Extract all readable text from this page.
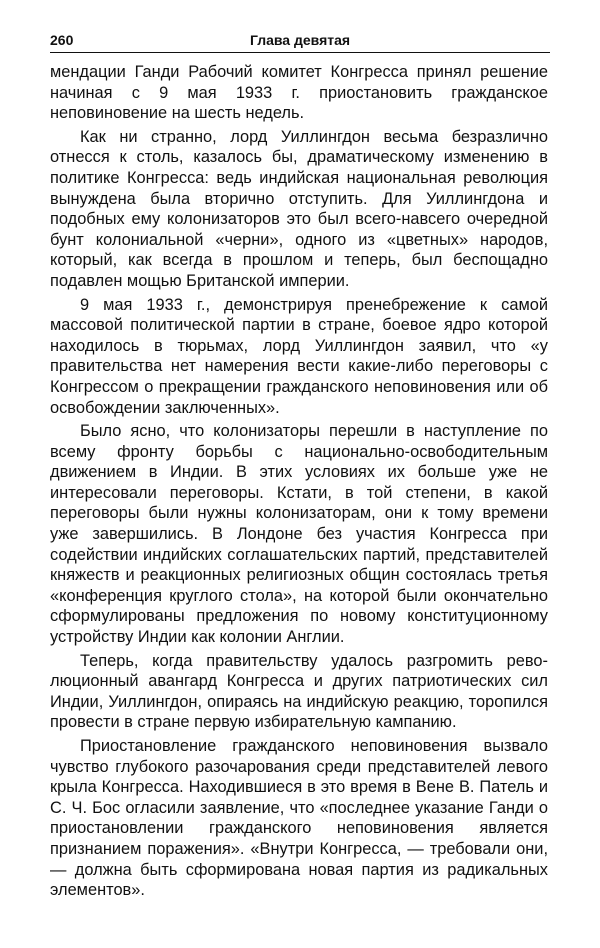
260	Глава девятая

мендации Ганди Рабочий комитет Конгресса принял решение начиная с 9 мая 1933 г. приостановить гражданское неповиновение на шесть недель.

Как ни странно, лорд Уиллингдон весьма безразлично отнесся к столь, казалось бы, драматическому изменению в политике Конгресса: ведь индийская национальная революция вынуждена была вторично отступить. Для Уиллингдона и подобных ему колонизаторов это был всего-навсего очередной бунт колониальной «черни», одного из «цветных» народов, который, как всегда в прошлом и теперь, был беспощадно подавлен мощью Британской империи.

9 мая 1933 г., демонстрируя пренебрежение к самой массовой политической партии в стране, боевое ядро которой находилось в тюрьмах, лорд Уиллингдон заявил, что «у правительства нет намерения вести какие-либо переговоры с Конгрессом о прекращении гражданского неповиновения или об освобождении заключенных».

Было ясно, что колонизаторы перешли в наступление по всему фронту борьбы с национально-освободительным движением в Индии. В этих условиях их больше уже не интересовали переговоры. Кстати, в той степени, в какой переговоры были нужны колонизаторам, они к тому времени уже завершились. В Лондоне без участия Конгресса при содействии индийских соглашательских партий, представителей княжеств и реакционных религиозных общин состоялась третья «конференция круглого стола», на которой были окончательно сформулированы предложения по новому конституционному устройству Индии как колонии Англии.

Теперь, когда правительству удалось разгромить революционный авангард Конгресса и других патриотических сил Индии, Уиллингдон, опираясь на индийскую реакцию, торопился провести в стране первую избирательную кампанию.

Приостановление гражданского неповиновения вызвало чувство глубокого разочарования среди представителей левого крыла Конгресса. Находившиеся в это время в Вене В. Патель и С. Ч. Бос огласили заявление, что «последнее указание Ганди о приостановлении гражданского неповиновения является признанием поражения». «Внутри Конгресса, — требовали они, — должна быть сформирована новая партия из радикальных элементов».
